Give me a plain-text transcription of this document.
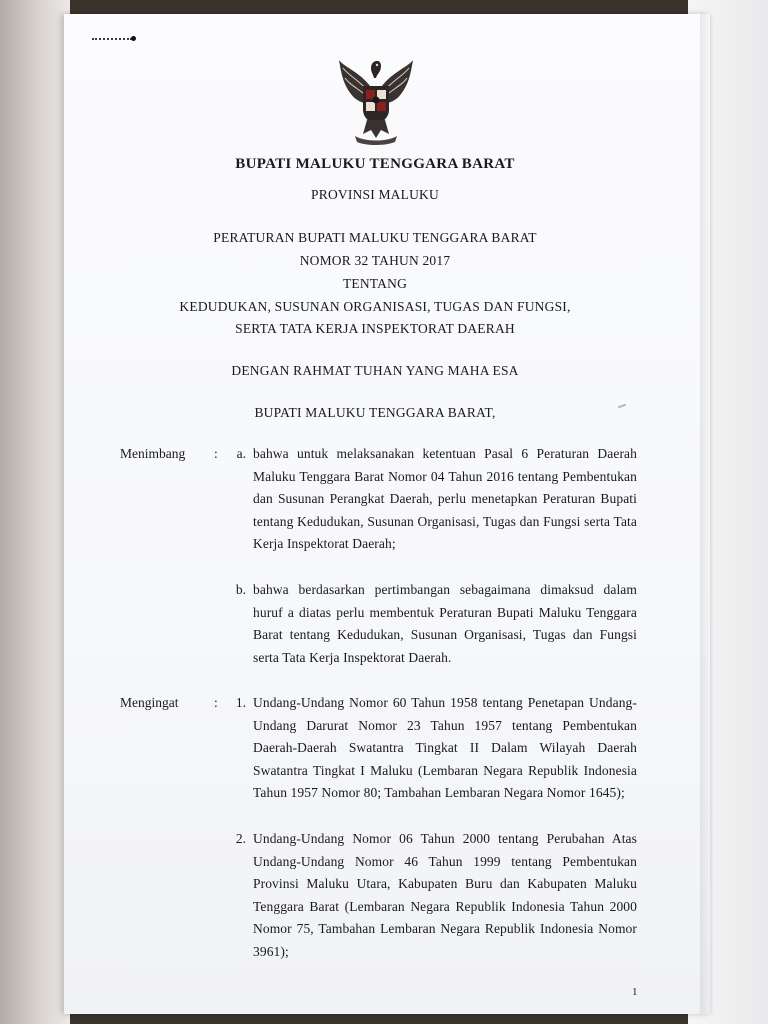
BUPATI MALUKU TENGGARA BARAT
PROVINSI MALUKU
PERATURAN BUPATI MALUKU TENGGARA BARAT
NOMOR 32 TAHUN 2017
TENTANG
KEDUDUKAN, SUSUNAN ORGANISASI, TUGAS DAN FUNGSI,
SERTA TATA KERJA INSPEKTORAT DAERAH
DENGAN RAHMAT TUHAN YANG MAHA ESA
BUPATI MALUKU TENGGARA BARAT,
Menimbang :	a. bahwa untuk melaksanakan ketentuan Pasal 6 Peraturan Daerah Maluku Tenggara Barat Nomor 04 Tahun 2016 tentang Pembentukan dan Susunan Perangkat Daerah, perlu menetapkan Peraturan Bupati tentang Kedudukan, Susunan Organisasi, Tugas dan Fungsi serta Tata Kerja Inspektorat Daerah;
b. bahwa berdasarkan pertimbangan sebagaimana dimaksud dalam huruf a diatas perlu membentuk Peraturan Bupati Maluku Tenggara Barat tentang Kedudukan, Susunan Organisasi, Tugas dan Fungsi serta Tata Kerja Inspektorat Daerah.
Mengingat	:	1. Undang-Undang Nomor 60 Tahun 1958 tentang Penetapan Undang-Undang Darurat Nomor 23 Tahun 1957 tentang Pembentukan Daerah-Daerah Swatantra Tingkat II Dalam Wilayah Daerah Swatantra Tingkat I Maluku (Lembaran Negara Republik Indonesia Tahun 1957 Nomor 80; Tambahan Lembaran Negara Nomor 1645);
2. Undang-Undang Nomor 06 Tahun 2000 tentang Perubahan Atas Undang-Undang Nomor 46 Tahun 1999 tentang Pembentukan Provinsi Maluku Utara, Kabupaten Buru dan Kabupaten Maluku Tenggara Barat (Lembaran Negara Republik Indonesia Tahun 2000 Nomor 75, Tambahan Lembaran Negara Republik Indonesia Nomor 3961);
1
